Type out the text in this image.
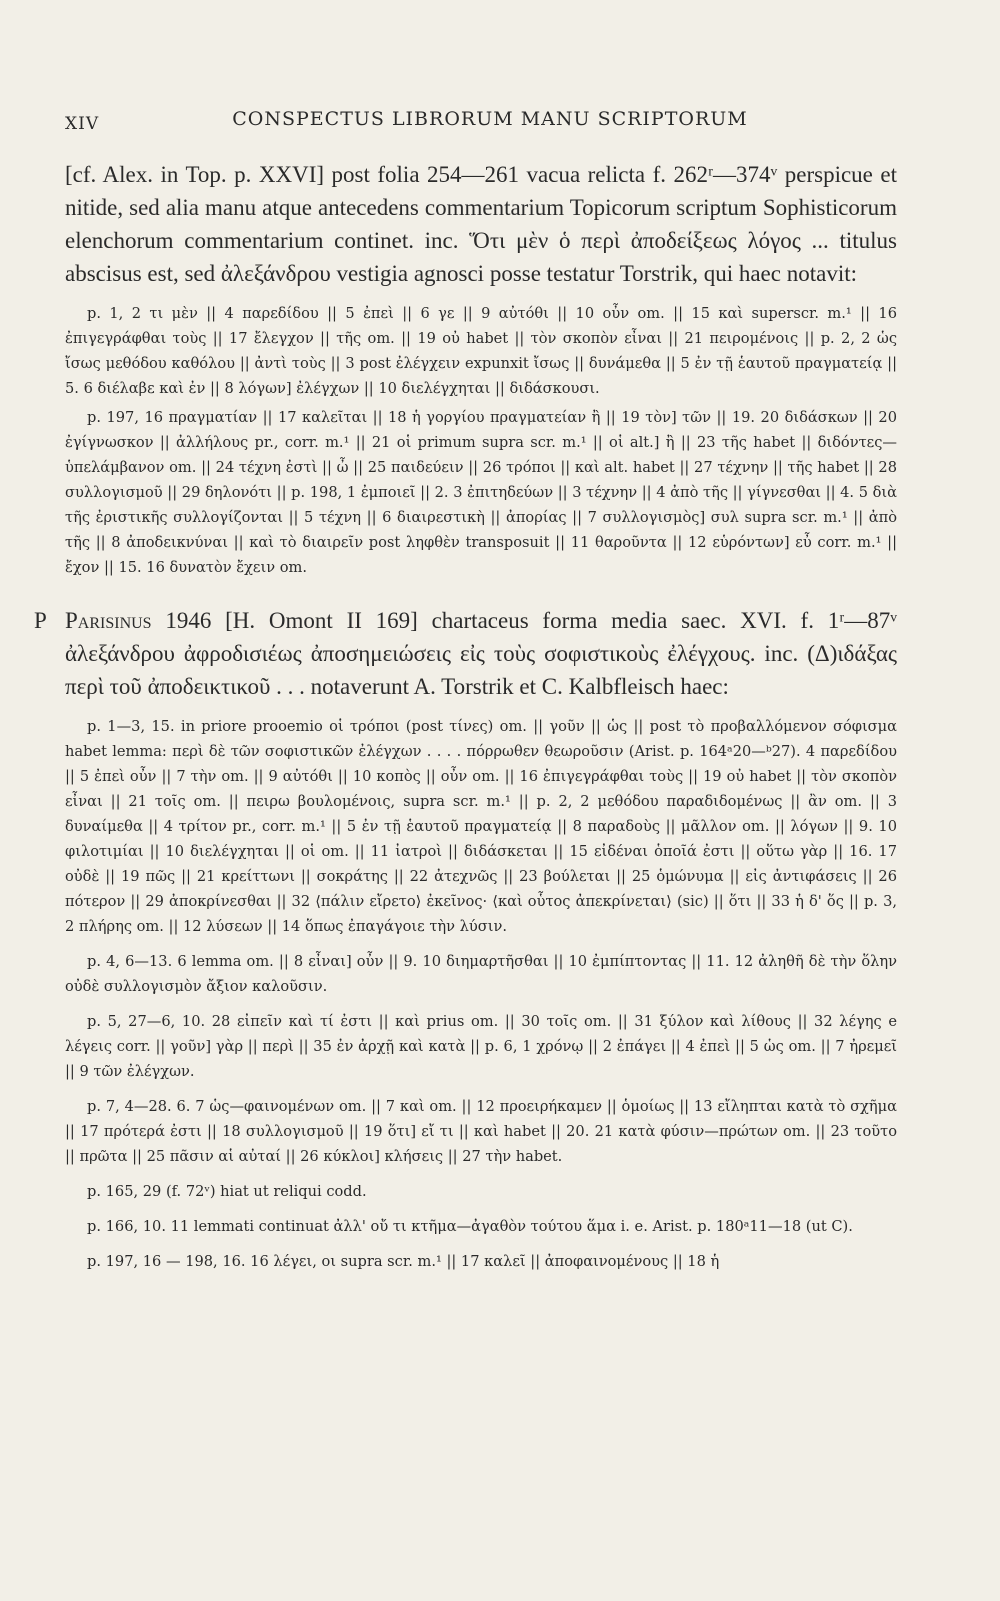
XIV	CONSPECTUS LIBRORUM MANU SCRIPTORUM

[cf. Alex. in Top. p. XXVI] post folia 254—261 vacua relicta f. 262ʳ—374ᵛ perspicue et nitide, sed alia manu atque antecedens commentarium Topicorum scriptum Sophisticorum elenchorum commentarium continet. inc. Ὅτι μὲν ὁ περὶ ἀποδείξεως λόγος ... titulus abscisus est, sed ἀλεξάνδρου vestigia agnosci posse testatur Torstrik, qui haec notavit:

p. 1, 2 τι μὲν || 4 παρεδίδου || 5 ἐπεὶ || 6 γε || 9 αὐτόθι || 10 οὖν om. || 15 καὶ superscr. m.¹ || 16 ἐπιγεγράφθαι τοὺς || 17 ἔλεγχον || τῆς om. || 19 οὐ habet || τὸν σκοπὸν εἶναι || 21 πειρομένοις || p. 2, 2 ὡς ἴσως μεθόδου καθόλου || ἀντὶ τοὺς || 3 post ἐλέγχειν expunxit ἴσως || δυνάμεθα || 5 ἐν τῇ ἑαυτοῦ πραγματείᾳ || 5. 6 διέλαβε καὶ ἐν || 8 λόγων] ἐλέγχων || 10 διελέγχηται || διδάσκουσι.

p. 197, 16 πραγματίαν || 17 καλεῖται || 18 ἡ γοργίου πραγματείαν ἢ || 19 τὸν] τῶν || 19. 20 διδάσκων || 20 ἐγίγνωσκον || ἀλλήλους pr., corr. m.¹ || 21 οἱ primum supra scr. m.¹ || οἱ alt.] ἢ || 23 τῆς habet || διδόντες—ὑπελάμβανον om. || 24 τέχνη ἐστὶ || ὦ || 25 παιδεύειν || 26 τρόποι || καὶ alt. habet || 27 τέχνην || τῆς habet || 28 συλλογισμοῦ || 29 δηλονότι || p. 198, 1 ἐμποιεῖ || 2. 3 ἐπιτηδεύων || 3 τέχνην || 4 ἀπὸ τῆς || γίγνεσθαι || 4. 5 διὰ τῆς ἐριστικῆς συλλογίζονται || 5 τέχνη || 6 διαιρεστικὴ || ἀπορίας || 7 συλλογισμὸς] συλ supra scr. m.¹ || ἀπὸ τῆς || 8 ἀποδεικνύναι || καὶ τὸ διαιρεῖν post ληφθὲν transposuit || 11 θαροῦντα || 12 εὑρόντων] εὖ corr. m.¹ || ἔχον || 15. 16 δυνατὸν ἔχειν om.

P Parisinus 1946 [H. Omont II 169] chartaceus forma media saec. XVI. f. 1ʳ—87ᵛ ἀλεξάνδρου ἀφροδισιέως ἀποσημειώσεις εἰς τοὺς σοφιστικοὺς ἐλέγχους. inc. (Δ)ιδάξας περὶ τοῦ ἀποδεικτικοῦ . . . notaverunt A. Torstrik et C. Kalbfleisch haec:

p. 1—3, 15. in priore prooemio οἱ τρόποι (post τίνες) om. || γοῦν || ὡς || post τὸ προβαλλόμενον σόφισμα habet lemma: περὶ δὲ τῶν σοφιστικῶν ἐλέγχων . . . . πόρρωθεν θεωροῦσιν (Arist. p. 164ᵃ20—ᵇ27). 4 παρεδίδου || 5 ἐπεὶ οὖν || 7 τὴν om. || 9 αὐτόθι || 10 κοπὸς || οὖν om. || 16 ἐπιγεγράφθαι τοὺς || 19 οὐ habet || τὸν σκοπὸν εἶναι || 21 τοῖς om. || πειρω βουλομένοις, supra scr. m.¹ || p. 2, 2 μεθόδου παραδιδομένως || ἂν om. || 3 δυναίμεθα || 4 τρίτον pr., corr. m.¹ || 5 ἐν τῇ ἑαυτοῦ πραγματείᾳ || 8 παραδοὺς || μᾶλλον om. || λόγων || 9. 10 φιλοτιμίαι || 10 διελέγχηται || οἱ om. || 11 ἰατροὶ || διδάσκεται || 15 εἰδέναι ὁποῖά ἐστι || οὕτω γὰρ || 16. 17 οὐδὲ || 19 πῶς || 21 κρείττωνι || σοκράτης || 22 ἀτεχνῶς || 23 βούλεται || 25 ὁμώνυμα || εἰς ἀντιφάσεις || 26 πότερον || 29 ἀποκρίνεσθαι || 32 ⟨πάλιν εἴρετο⟩ ἐκεῖνος· ⟨καὶ οὗτος ἀπεκρίνεται⟩ (sic) || ὅτι || 33 ἡ δ' ὅς || p. 3, 2 πλήρης om. || 12 λύσεων || 14 ὅπως ἐπαγάγοιε τὴν λύσιν.

p. 4, 6—13. 6 lemma om. || 8 εἶναι] οὖν || 9. 10 διημαρτῆσθαι || 10 ἐμπίπτοντας || 11. 12 ἀληθῆ δὲ τὴν ὅλην οὐδὲ συλλογισμὸν ἄξιον καλοῦσιν.

p. 5, 27—6, 10. 28 εἰπεῖν καὶ τί ἐστι || καὶ prius om. || 30 τοῖς om. || 31 ξύλον καὶ λίθους || 32 λέγης e λέγεις corr. || γοῦν] γὰρ || περὶ || 35 ἐν ἀρχῇ καὶ κατὰ || p. 6, 1 χρόνῳ || 2 ἐπάγει || 4 ἐπεὶ || 5 ὡς om. || 7 ἠρεμεῖ || 9 τῶν ἐλέγχων.

p. 7, 4—28. 6. 7 ὡς—φαινομένων om. || 7 καὶ om. || 12 προειρήκαμεν || ὁμοίως || 13 εἴληπται κατὰ τὸ σχῆμα || 17 πρότερά ἐστι || 18 συλλογισμοῦ || 19 ὅτι] εἴ τι || καὶ habet || 20. 21 κατὰ φύσιν—πρώτων om. || 23 τοῦτο || πρῶτα || 25 πᾶσιν αἱ αὐταί || 26 κύκλοι] κλήσεις || 27 τὴν habet.

p. 165, 29 (f. 72ᵛ) hiat ut reliqui codd.

p. 166, 10. 11 lemmati continuat ἀλλ' οὔ τι κτῆμα—ἀγαθὸν τούτου ἅμα i. e. Arist. p. 180ᵃ11—18 (ut C).

p. 197, 16 — 198, 16. 16 λέγει, οι supra scr. m.¹ || 17 καλεῖ || ἀποφαινομένους || 18 ἡ
